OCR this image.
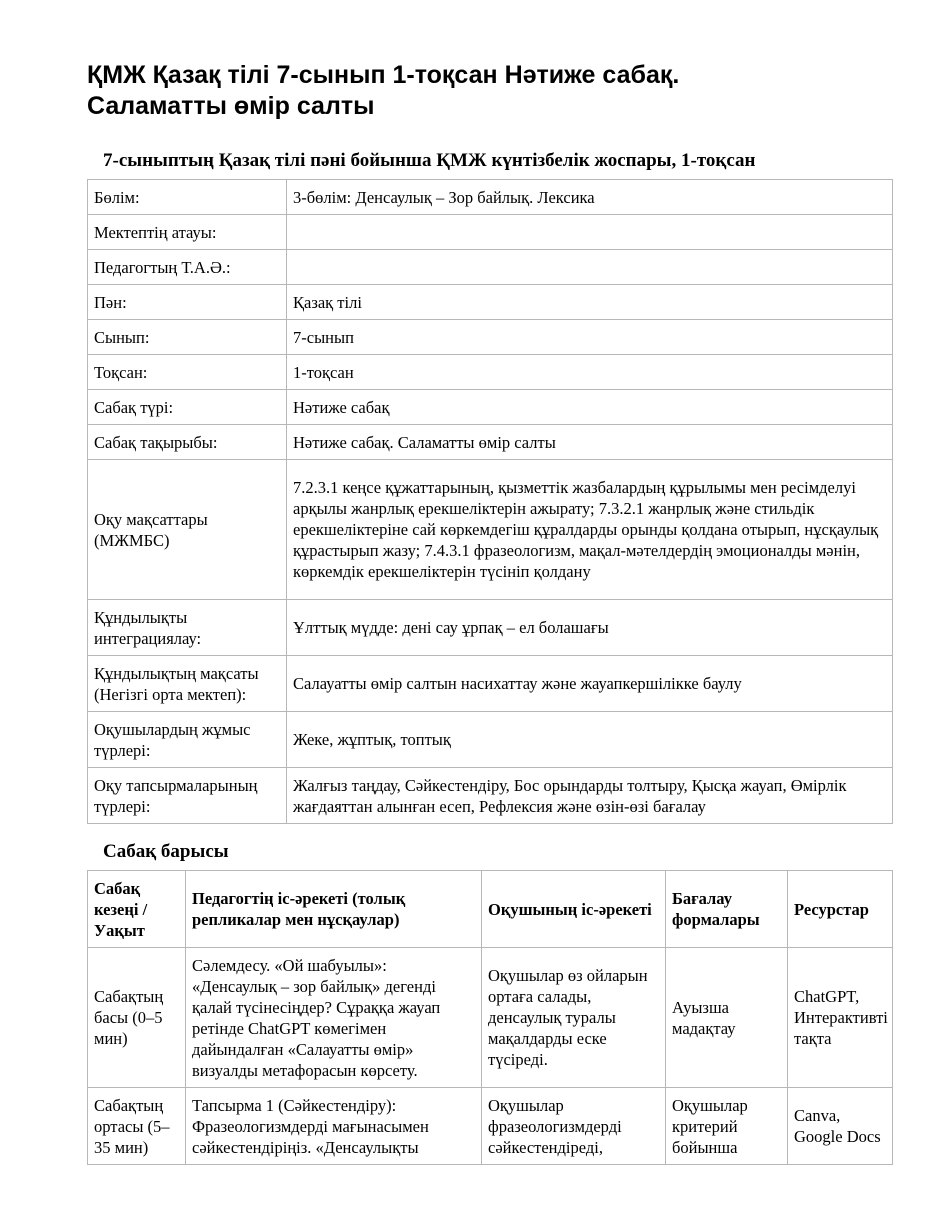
ҚМЖ Қазақ тілі 7-сынып 1-тоқсан Нәтиже сабақ.
Саламатты өмір салты
7-сыныптың Қазақ тілі пәні бойынша ҚМЖ күнтізбелік жоспары, 1-тоқсан
Бөлім:	3-бөлім: Денсаулық – Зор байлық. Лексика
Мектептің атауы:	
Педагогтың Т.А.Ә.:	
Пән:	Қазақ тілі
Сынып:	7-сынып
Тоқсан:	1-тоқсан
Сабақ түрі:	Нәтиже сабақ
Сабақ тақырыбы:	Нәтиже сабақ. Саламатты өмір салты
Оқу мақсаттары (МЖМБС)	7.2.3.1 кеңсе құжаттарының, қызметтік жазбалардың құрылымы мен ресімделуі арқылы жанрлық ерекшеліктерін ажырату; 7.3.2.1 жанрлық және стильдік ерекшеліктеріне сай көркемдегіш құралдарды орынды қолдана отырып, нұсқаулық құрастырып жазу; 7.4.3.1 фразеологизм, мақал-мәтелдердің эмоционалды мәнін, көркемдік ерекшеліктерін түсініп қолдану
Құндылықты интеграциялау:	Ұлттық мүдде: дені сау ұрпақ – ел болашағы
Құндылықтың мақсаты (Негізгі орта мектеп):	Салауатты өмір салтын насихаттау және жауапкершілікке баулу
Оқушылардың жұмыс түрлері:	Жеке, жұптық, топтық
Оқу тапсырмаларының түрлері:	Жалғыз таңдау, Сәйкестендіру, Бос орындарды толтыру, Қысқа жауап, Өмірлік жағдаяттан алынған есеп, Рефлексия және өзін-өзі бағалау
Сабақ барысы
Сабақ кезеңі / Уақыт	Педагогтің іс-әрекеті (толық репликалар мен нұсқаулар)	Оқушының іс-әрекеті	Бағалау формалары	Ресурстар
Сабақтың басы (0–5 мин)	Сәлемдесу. «Ой шабуылы»: «Денсаулық – зор байлық» дегенді қалай түсінесіңдер? Сұраққа жауап ретінде ChatGPT көмегімен дайындалған «Салауатты өмір» визуалды метафорасын көрсету.	Оқушылар өз ойларын ортаға салады, денсаулық туралы мақалдарды еске түсіреді.	Ауызша мадақтау	ChatGPT, Интерактивті тақта
Сабақтың ортасы (5–35 мин)	Тапсырма 1 (Сәйкестендіру): Фразеологизмдерді мағынасымен сәйкестендіріңіз. «Денсаулықты	Оқушылар фразеологизмдерді сәйкестендіреді,	Оқушылар критерий бойынша	Canva, Google Docs
